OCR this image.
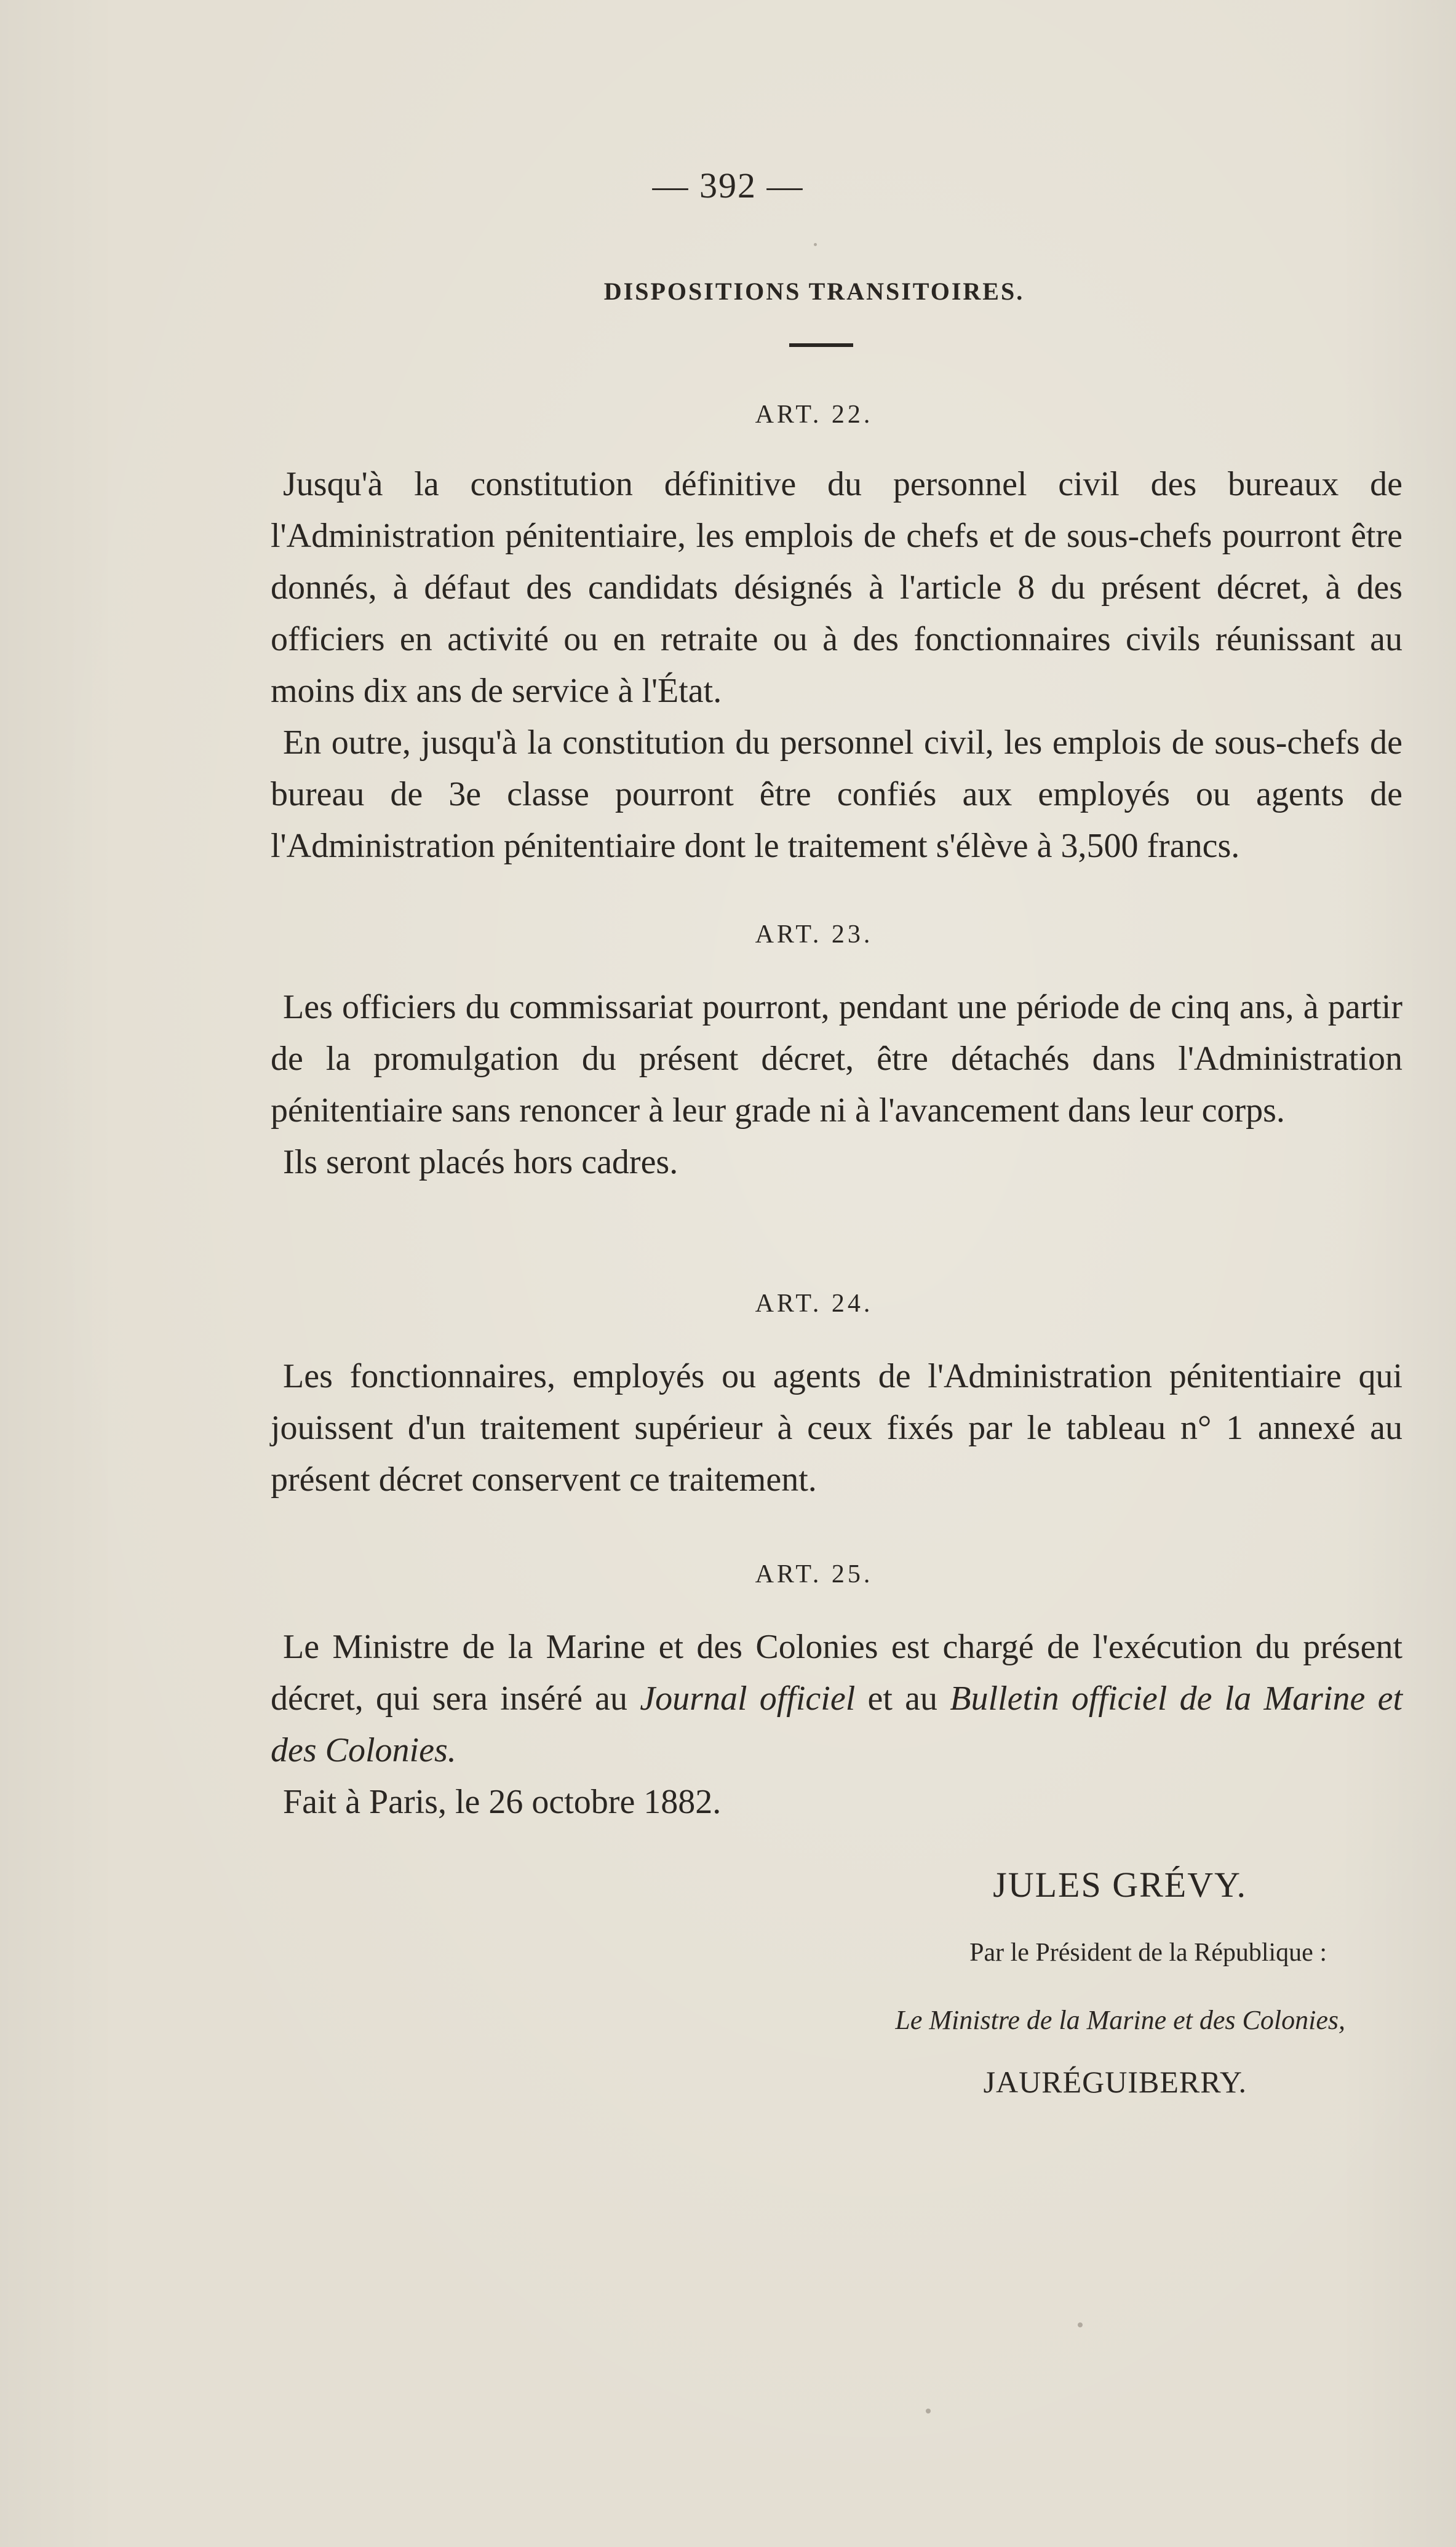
— 392 —
DISPOSITIONS TRANSITOIRES.
ART. 22.

Jusqu'à la constitution définitive du personnel civil des bureaux de l'Administration pénitentiaire, les emplois de chefs et de sous-chefs pourront être donnés, à défaut des candidats désignés à l'article 8 du présent décret, à des officiers en activité ou en retraite ou à des fonctionnaires civils réunissant au moins dix ans de service à l'État.

En outre, jusqu'à la constitution du personnel civil, les emplois de sous-chefs de bureau de 3e classe pourront être confiés aux employés ou agents de l'Administration pénitentiaire dont le traitement s'élève à 3,500 francs.

ART. 23.

Les officiers du commissariat pourront, pendant une période de cinq ans, à partir de la promulgation du présent décret, être détachés dans l'Administration pénitentiaire sans renoncer à leur grade ni à l'avancement dans leur corps.

Ils seront placés hors cadres.

ART. 24.

Les fonctionnaires, employés ou agents de l'Administration pénitentiaire qui jouissent d'un traitement supérieur à ceux fixés par le tableau n° 1 annexé au présent décret conservent ce traitement.

ART. 25.

Le Ministre de la Marine et des Colonies est chargé de l'exécution du présent décret, qui sera inséré au Journal officiel et au Bulletin officiel de la Marine et des Colonies.

Fait à Paris, le 26 octobre 1882.

JULES GRÉVY.
Par le Président de la République :
Le Ministre de la Marine et des Colonies,
JAURÉGUIBERRY.
